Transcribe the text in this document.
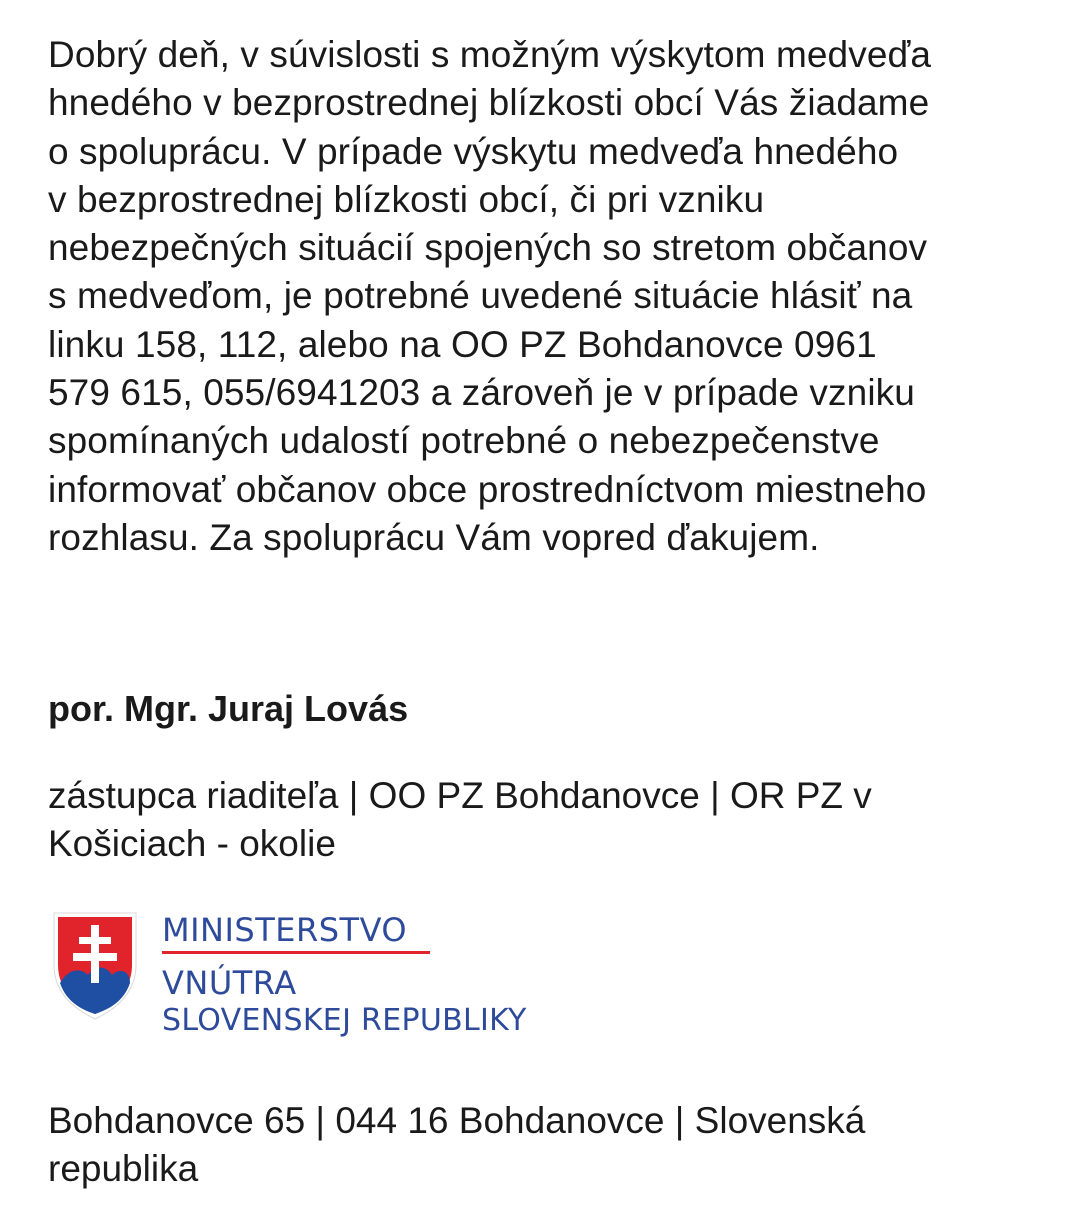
Dobrý deň, v súvislosti s možným výskytom medveďa
hnedého v bezprostrednej blízkosti obcí Vás žiadame
o spoluprácu. V prípade výskytu medveďa hnedého
v bezprostrednej blízkosti obcí, či pri vzniku
nebezpečných situácií spojených so stretom občanov
s medveďom, je potrebné uvedené situácie hlásiť na
linku 158, 112, alebo na OO PZ Bohdanovce 0961
579 615, 055/6941203 a zároveň je v prípade vzniku
spomínaných udalostí potrebné o nebezpečenstve
informovať občanov obce prostredníctvom miestneho
rozhlasu. Za spoluprácu Vám vopred ďakujem.

por. Mgr. Juraj Lovás

zástupca riaditeľa | OO PZ Bohdanovce | OR PZ v
Košiciach - okolie

MINISTERSTVO
VNÚTRA
SLOVENSKEJ REPUBLIKY

Bohdanovce 65 | 044 16 Bohdanovce | Slovenská
republika
